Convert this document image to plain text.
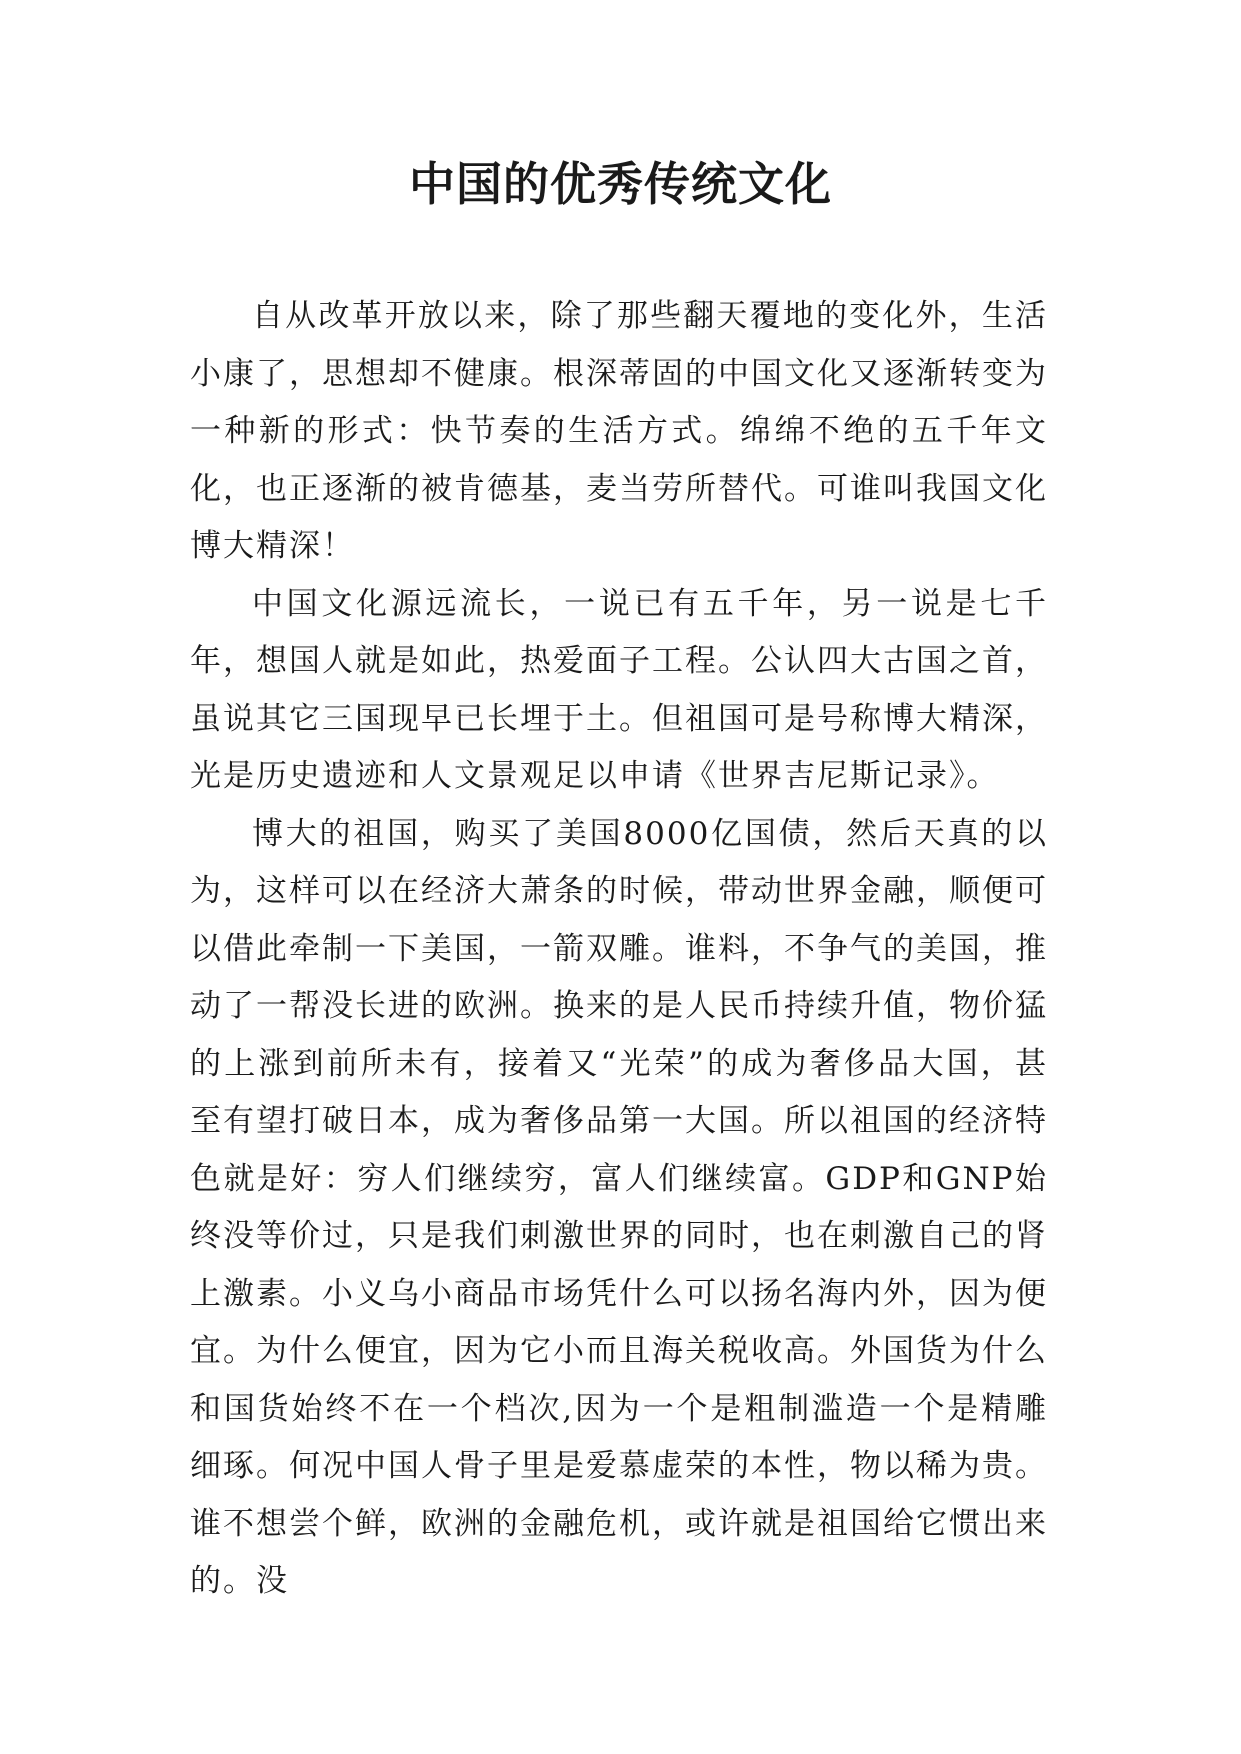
中国的优秀传统文化

自从改革开放以来，除了那些翻天覆地的变化外，生活小康了，思想却不健康。根深蒂固的中国文化又逐渐转变为一种新的形式：快节奏的生活方式。绵绵不绝的五千年文化，也正逐渐的被肯德基，麦当劳所替代。可谁叫我国文化博大精深！

中国文化源远流长，一说已有五千年，另一说是七千年，想国人就是如此，热爱面子工程。公认四大古国之首，虽说其它三国现早已长埋于土。但祖国可是号称博大精深，光是历史遗迹和人文景观足以申请《世界吉尼斯记录》。

博大的祖国，购买了美国8000亿国债，然后天真的以为，这样可以在经济大萧条的时候，带动世界金融，顺便可以借此牵制一下美国，一箭双雕。谁料，不争气的美国，推动了一帮没长进的欧洲。换来的是人民币持续升值，物价猛的上涨到前所未有，接着又“光荣”的成为奢侈品大国，甚至有望打破日本，成为奢侈品第一大国。所以祖国的经济特色就是好：穷人们继续穷，富人们继续富。GDP和GNP始终没等价过，只是我们刺激世界的同时，也在刺激自己的肾上激素。小义乌小商品市场凭什么可以扬名海内外，因为便宜。为什么便宜，因为它小而且海关税收高。外国货为什么和国货始终不在一个档次,因为一个是粗制滥造一个是精雕细琢。何况中国人骨子里是爱慕虚荣的本性，物以稀为贵。谁不想尝个鲜，欧洲的金融危机，或许就是祖国给它惯出来的。没
